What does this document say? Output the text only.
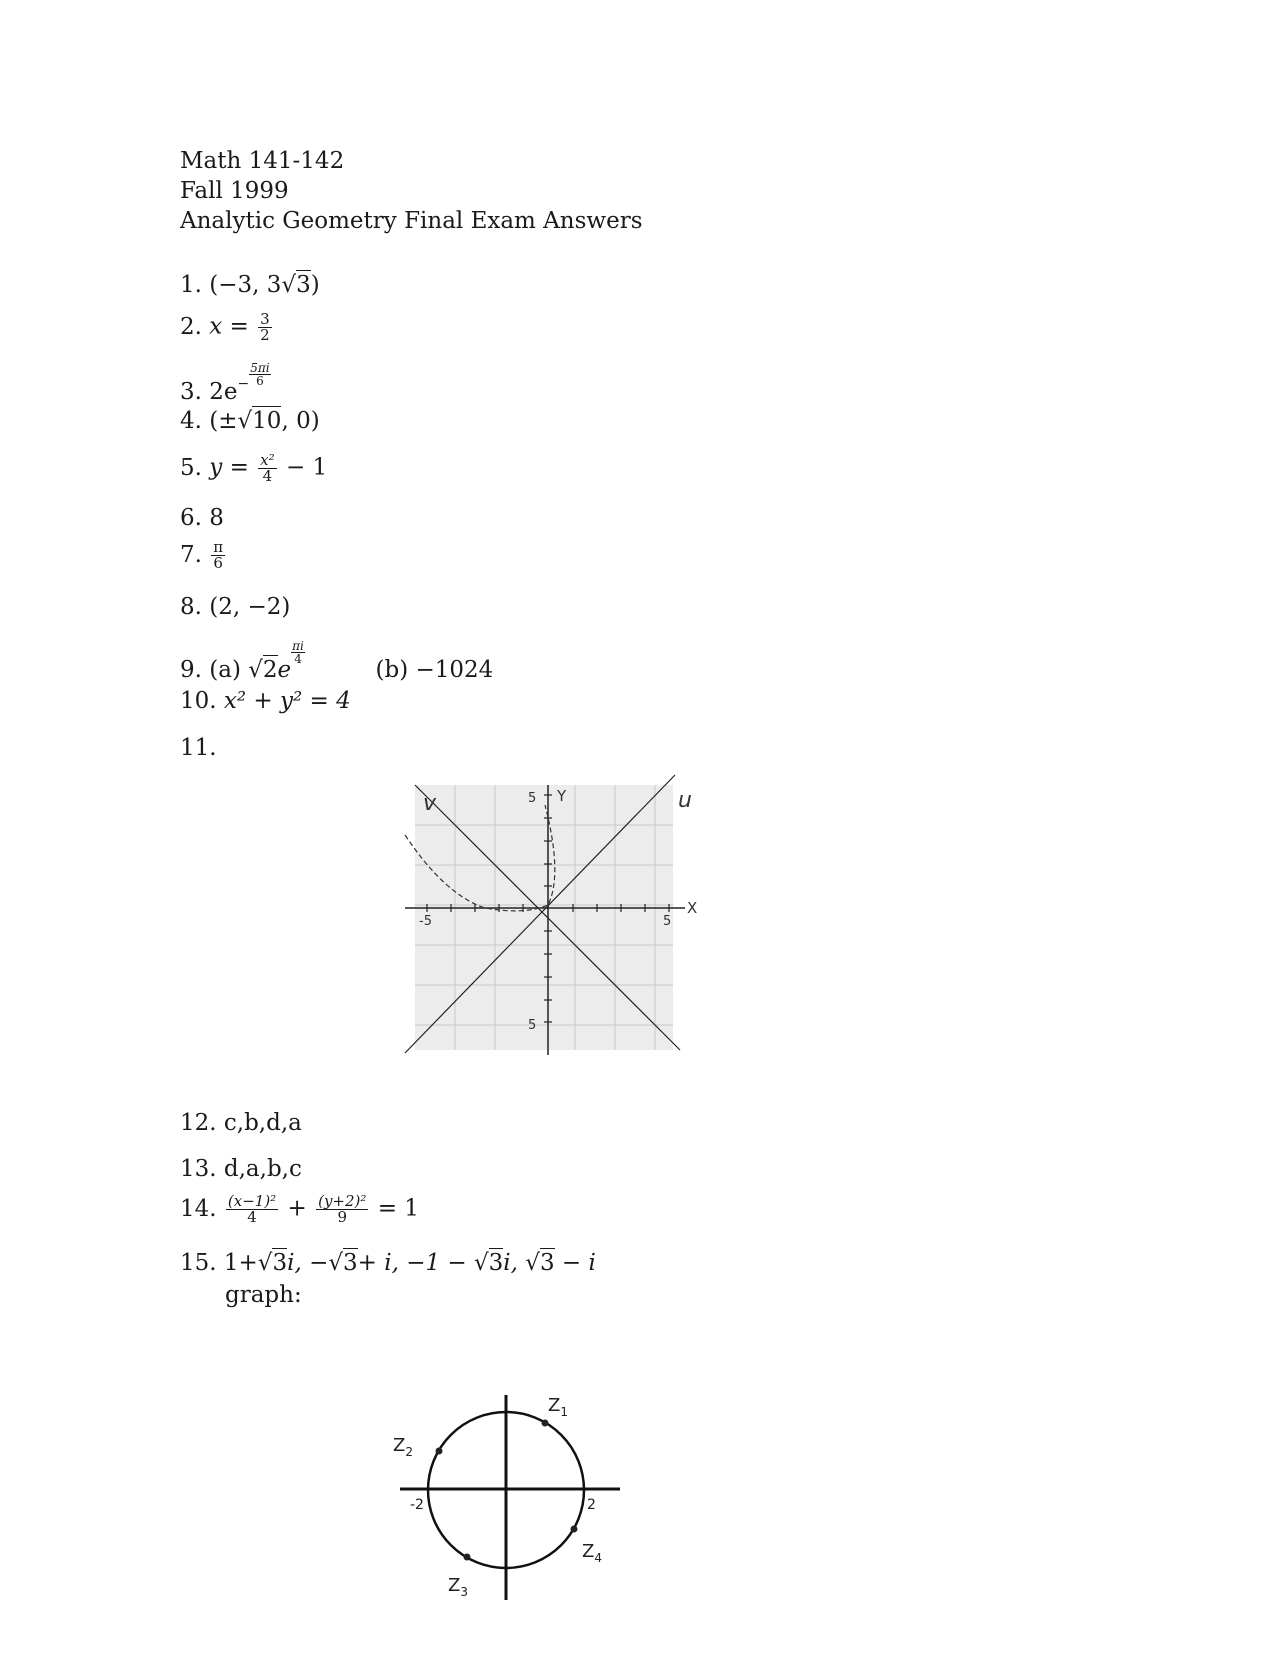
Math 141-142
Fall 1999
Analytic Geometry Final Exam Answers
1. (−3, 3√3)
2. $x = \frac{3}{2}$
3. $2e^- \frac{5\pi i}{6}$
4. (±√10, 0)
5. $y = \frac{\text{x²}}{4} - 1$
6. 8
7. $\frac{\pi}{6}$
8. (2, −2)
9. (a) √2e
$\frac{\pi i}{4}$
(b) −1024
10. x² + y² = 4
11.
Y
X
5
5
-5
5
u
v
12. c,b,d,a
13. d,a,b,c
14. $\frac{\text{(x−1)²}}{4} + \frac{\text{(y+2)²}}{9} = 1$
15. 1+√3i, −√3+ i, −1 − √3i, √3 − i
graph:
$Z_1$
$Z_2$
$Z_3$
$Z_4$
-2	2
